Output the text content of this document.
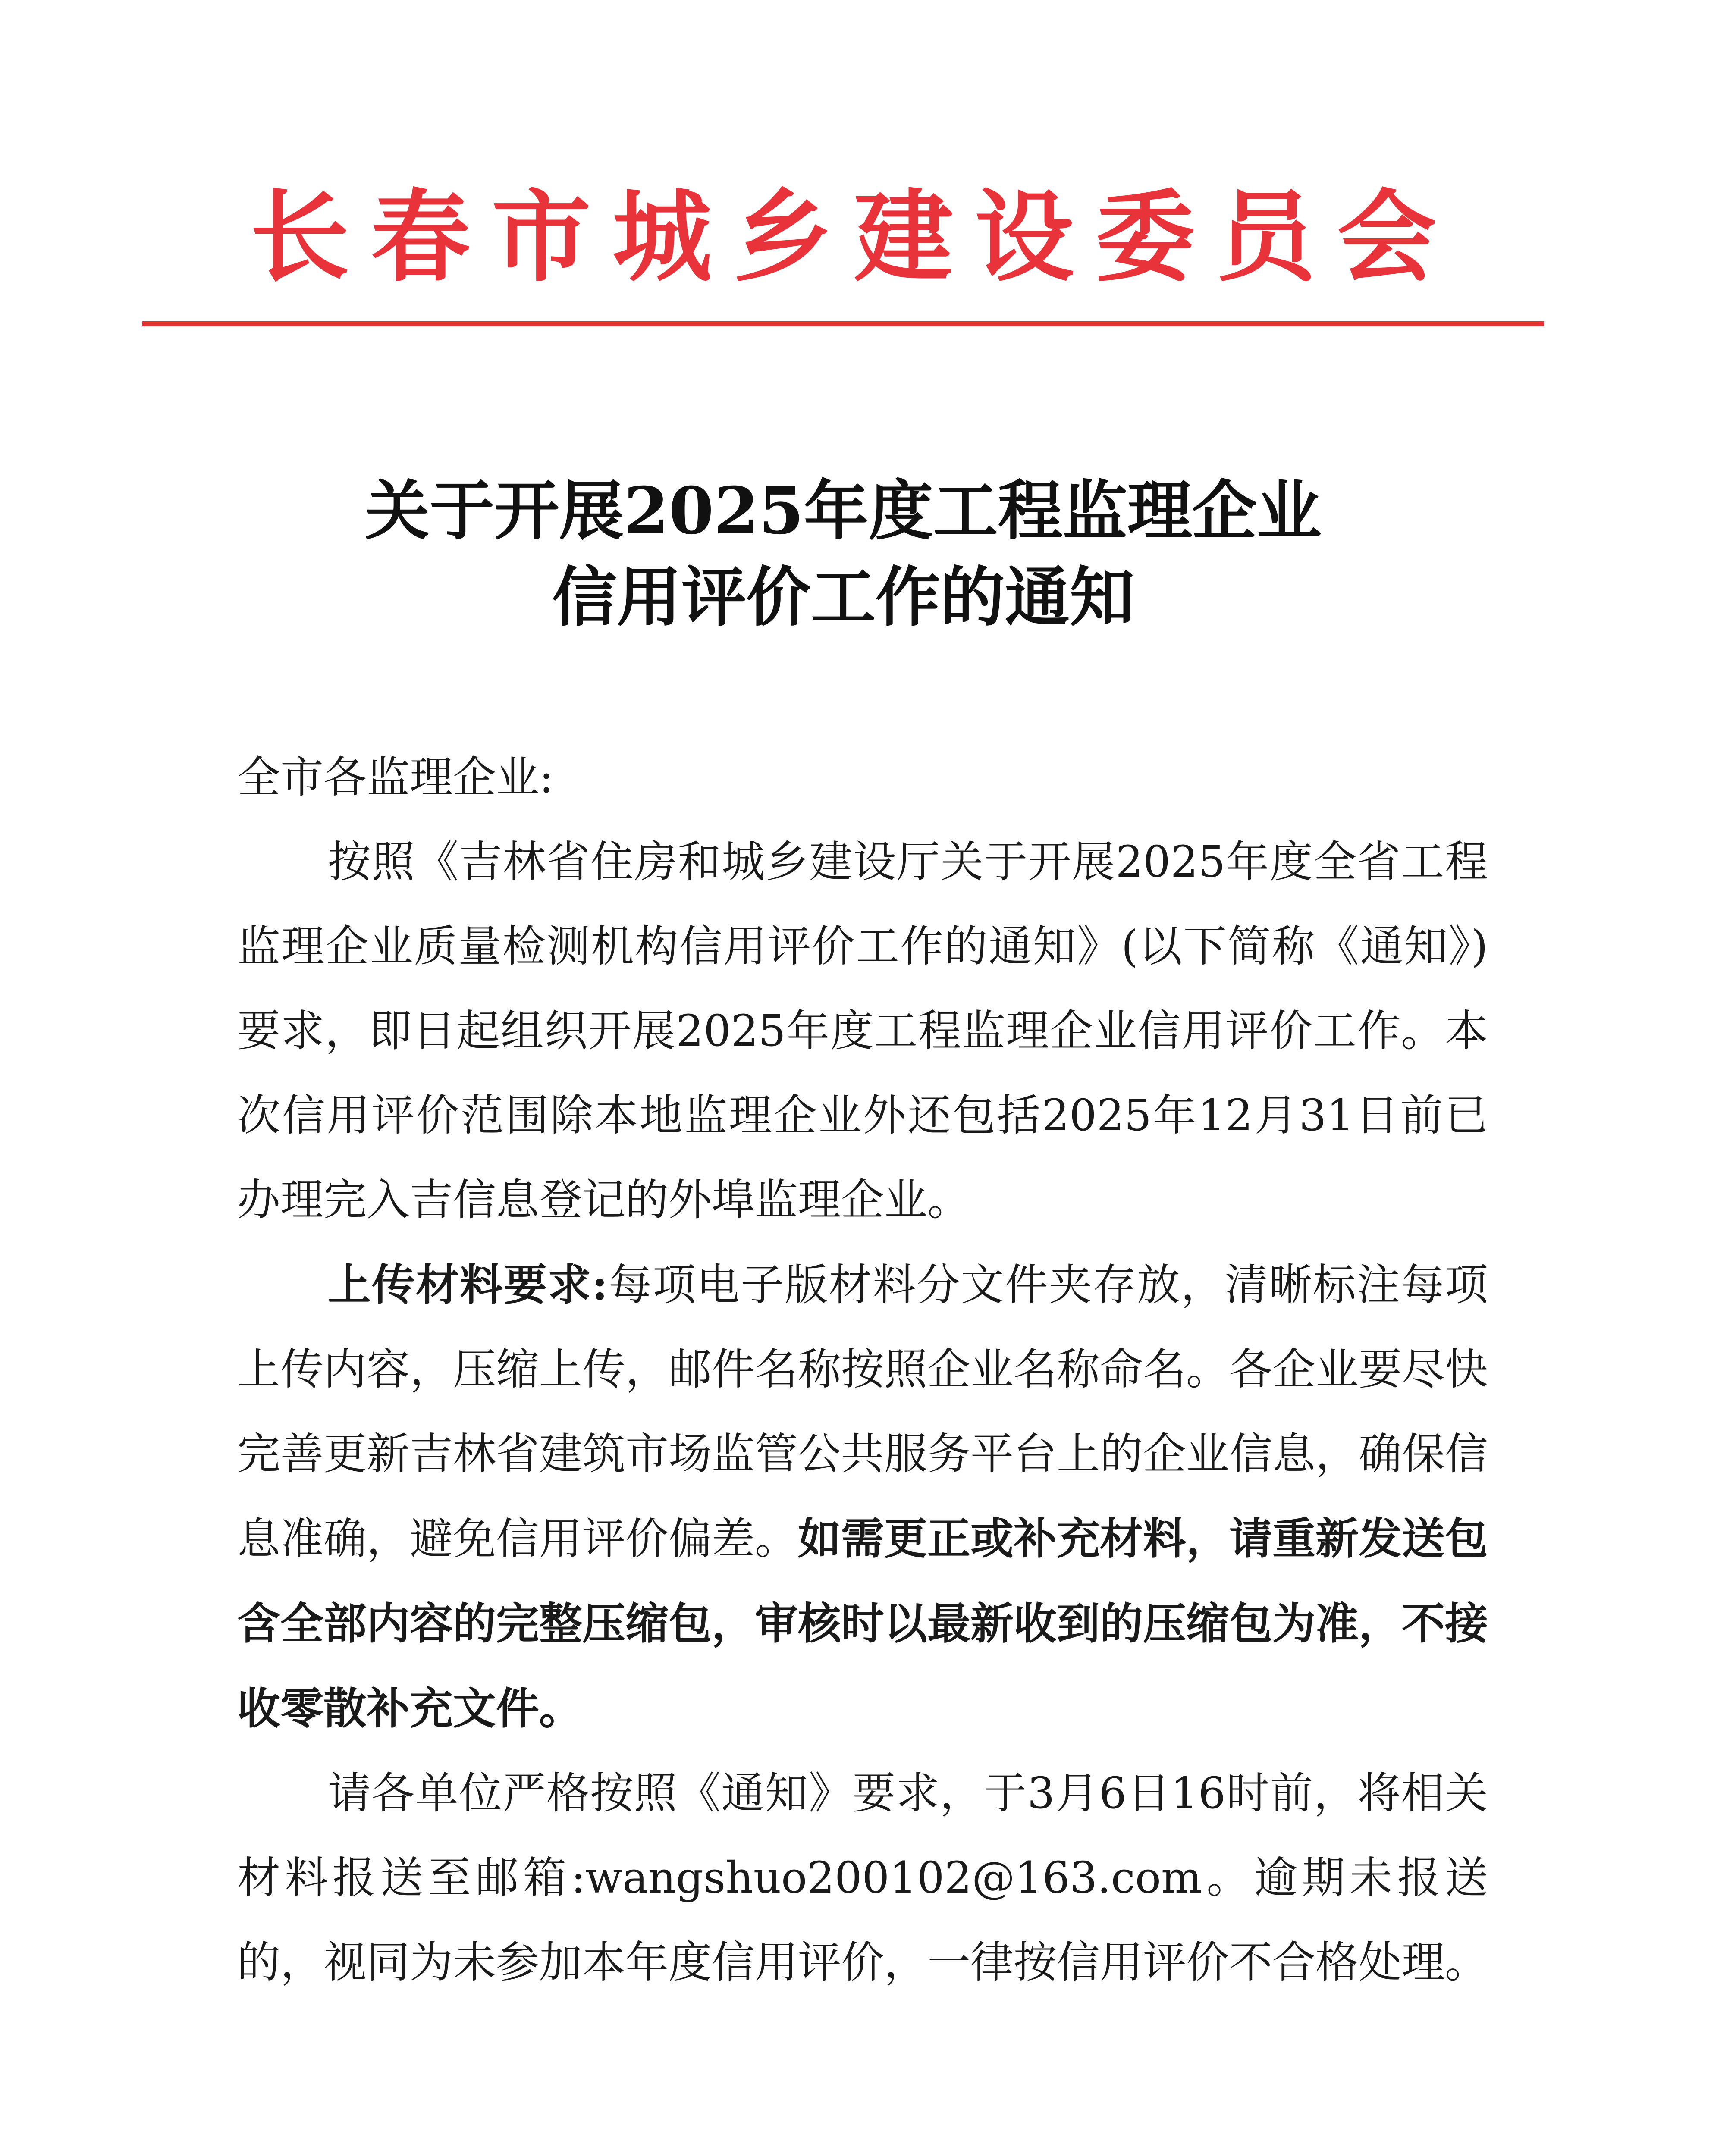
长春市城乡建设委员会
关于开展2025年度工程监理企业
信用评价工作的通知

全市各监理企业:

按照《吉林省住房和城乡建设厅关于开展2025年度全省工程监理企业质量检测机构信用评价工作的通知》(以下简称《通知》)要求，即日起组织开展2025年度工程监理企业信用评价工作。本次信用评价范围除本地监理企业外还包括2025年12月31日前已办理完入吉信息登记的外埠监理企业。

上传材料要求:每项电子版材料分文件夹存放，清晰标注每项上传内容，压缩上传，邮件名称按照企业名称命名。各企业要尽快完善更新吉林省建筑市场监管公共服务平台上的企业信息，确保信息准确，避免信用评价偏差。如需更正或补充材料，请重新发送包含全部内容的完整压缩包，审核时以最新收到的压缩包为准，不接收零散补充文件。

请各单位严格按照《通知》要求，于3月6日16时前，将相关材料报送至邮箱:wangshuo200102@163.com。逾期未报送的，视同为未参加本年度信用评价，一律按信用评价不合格处理。
